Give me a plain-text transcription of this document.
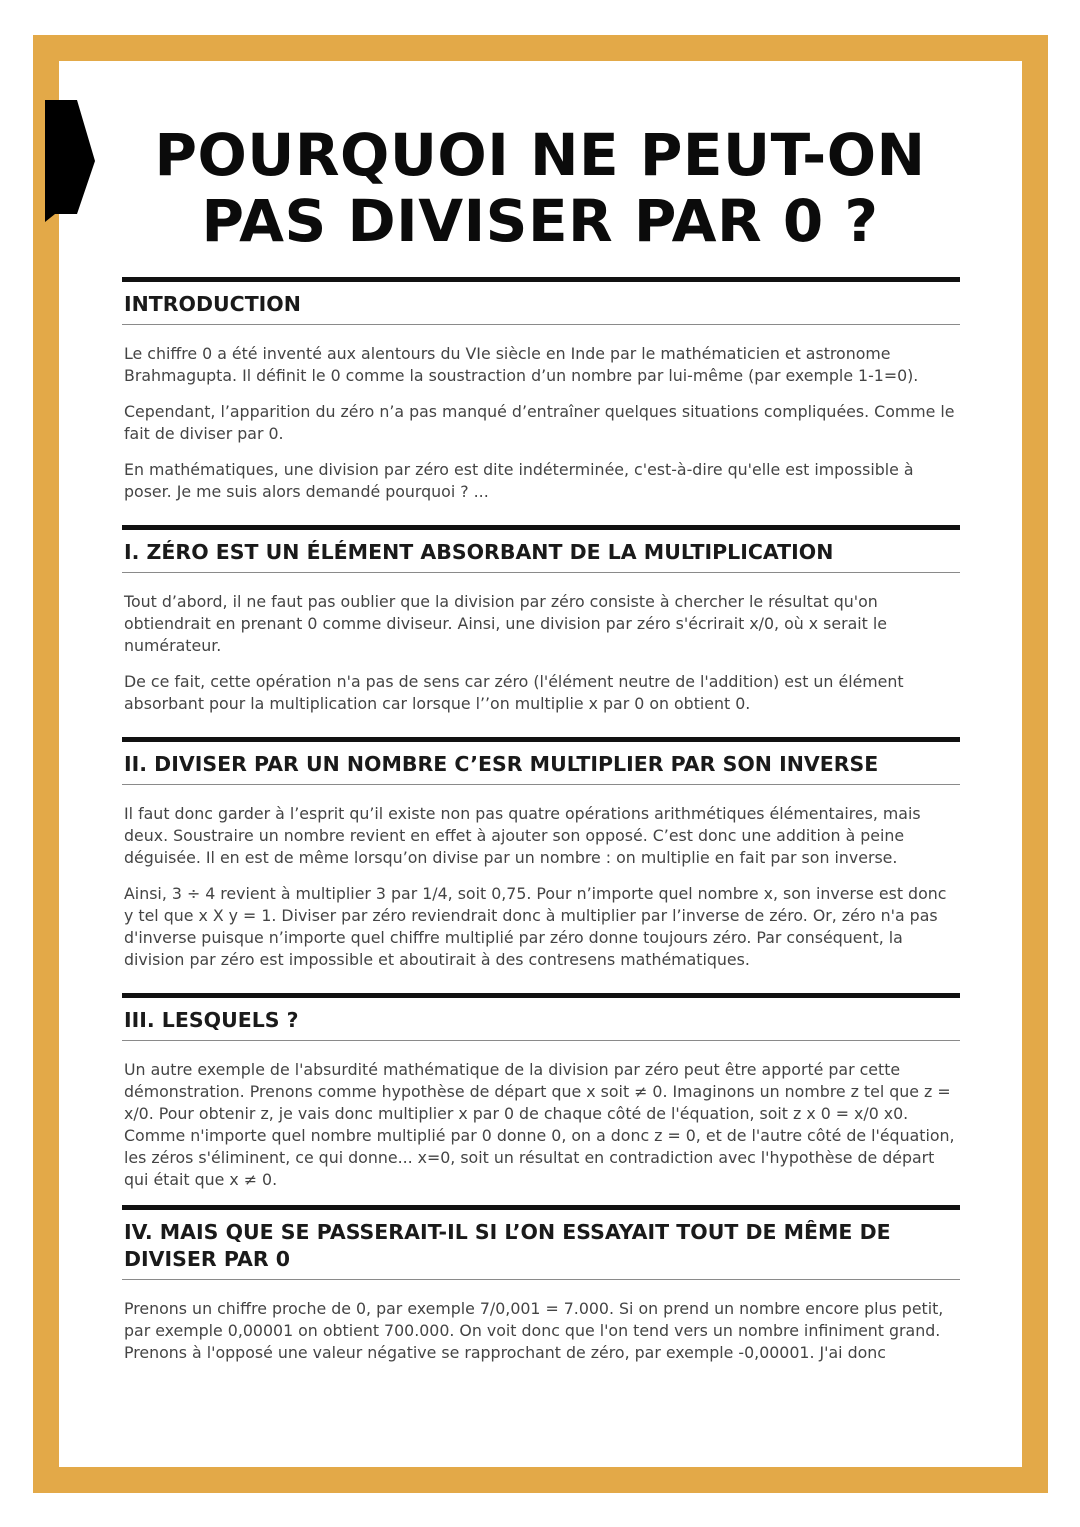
POURQUOI NE PEUT-ON
PAS DIVISER PAR 0 ?
INTRODUCTION

Le chiffre 0 a été inventé aux alentours du VIe siècle en Inde par le mathématicien et astronome Brahmagupta. Il définit le 0 comme la soustraction d’un nombre par lui-même (par exemple 1-1=0).

Cependant, l’apparition du zéro n’a pas manqué d’entraîner quelques situations compliquées. Comme le fait de diviser par 0.

En mathématiques, une division par zéro est dite indéterminée, c'est-à-dire qu'elle est impossible à poser. Je me suis alors demandé pourquoi ? ...

I. ZÉRO EST UN ÉLÉMENT ABSORBANT DE LA MULTIPLICATION

Tout d’abord, il ne faut pas oublier que la division par zéro consiste à chercher le résultat qu'on obtiendrait en prenant 0 comme diviseur. Ainsi, une division par zéro s'écrirait x/0, où x serait le numérateur.

De ce fait, cette opération n'a pas de sens car zéro (l'élément neutre de l'addition) est un élément absorbant pour la multiplication car lorsque l’’on multiplie x par 0 on obtient 0.

II. DIVISER PAR UN NOMBRE C’ESR MULTIPLIER PAR SON INVERSE

Il faut donc garder à l’esprit qu’il existe non pas quatre opérations arithmétiques élémentaires, mais deux. Soustraire un nombre revient en effet à ajouter son opposé. C’est donc une addition à peine déguisée. Il en est de même lorsqu’on divise par un nombre : on multiplie en fait par son inverse.

Ainsi, 3 ÷ 4 revient à multiplier 3 par 1/4, soit 0,75. Pour n’importe quel nombre x, son inverse est donc y tel que x X y = 1. Diviser par zéro reviendrait donc à multiplier par l’inverse de zéro. Or, zéro n'a pas d'inverse puisque n’importe quel chiffre multiplié par zéro donne toujours zéro. Par conséquent, la division par zéro est impossible et aboutirait à des contresens mathématiques.

III. LESQUELS ?

Un autre exemple de l'absurdité mathématique de la division par zéro peut être apporté par cette démonstration. Prenons comme hypothèse de départ que x soit ≠ 0. Imaginons un nombre z tel que z = x/0. Pour obtenir z, je vais donc multiplier x par 0 de chaque côté de l'équation, soit z x 0 = x/0 x0. Comme n'importe quel nombre multiplié par 0 donne 0, on a donc z = 0, et de l'autre côté de l'équation, les zéros s'éliminent, ce qui donne... x=0, soit un résultat en contradiction avec l'hypothèse de départ qui était que x ≠ 0.

IV. MAIS QUE SE PASSERAIT-IL SI L’ON ESSAYAIT TOUT DE MÊME DE DIVISER PAR 0

Prenons un chiffre proche de 0, par exemple 7/0,001 = 7.000. Si on prend un nombre encore plus petit, par exemple 0,00001 on obtient 700.000. On voit donc que l'on tend vers un nombre infiniment grand. Prenons à l'opposé une valeur négative se rapprochant de zéro, par exemple -0,00001. J'ai donc
